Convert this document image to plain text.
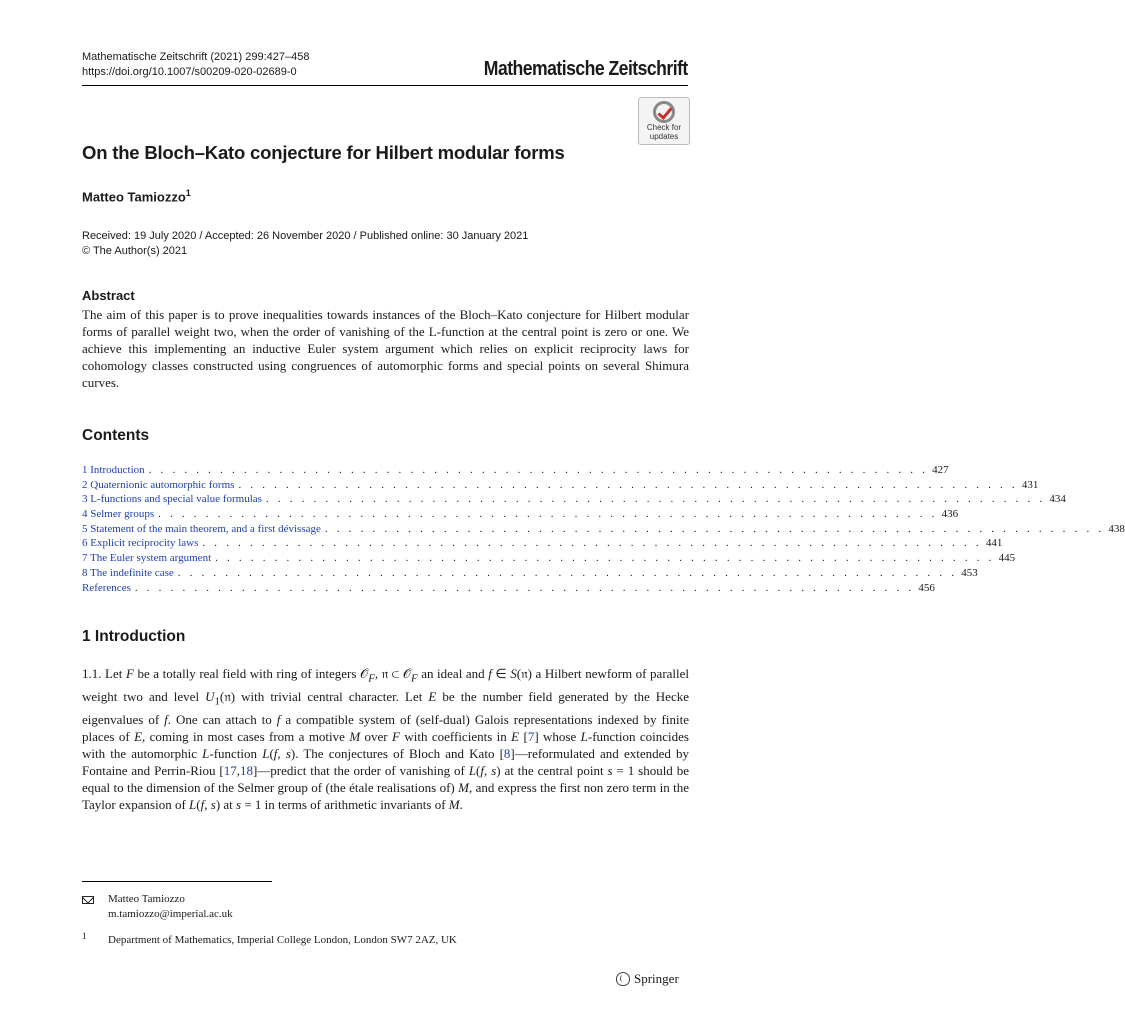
Mathematische Zeitschrift (2021) 299:427–458
https://doi.org/10.1007/s00209-020-02689-0	Mathematische Zeitschrift
Check for
updates
On the Bloch–Kato conjecture for Hilbert modular forms
Matteo Tamiozzo$^1$
Received: 19 July 2020 / Accepted: 26 November 2020 / Published online: 30 January 2021
© The Author(s) 2021
Abstract
The aim of this paper is to prove inequalities towards instances of the Bloch–Kato conjecture for Hilbert modular forms of parallel weight two, when the order of vanishing of the L-function at the central point is zero or one. We achieve this implementing an inductive Euler system argument which relies on explicit reciprocity laws for cohomology classes constructed using congruences of automorphic forms and special points on several Shimura curves.
Contents
1 Introduction . . . . . . . . . . . . . . . . . . . . . . . . . . . . . . . . . . . . . . . . . . . . . . . . . . . . . . . . . . . . . . . . . . 427
2 Quaternionic automorphic forms . . . . . . . . . . . . . . . . . . . . . . . . . . . . . . . . . . . . . . . . . . . . . . . . . . . . . . . . . . . . . . . . . . 431
3 L-functions and special value formulas . . . . . . . . . . . . . . . . . . . . . . . . . . . . . . . . . . . . . . . . . . . . . . . . . . . . . . . . . . . . . . . . . . 434
4 Selmer groups . . . . . . . . . . . . . . . . . . . . . . . . . . . . . . . . . . . . . . . . . . . . . . . . . . . . . . . . . . . . . . . . . . 436
5 Statement of the main theorem, and a first dévissage . . . . . . . . . . . . . . . . . . . . . . . . . . . . . . . . . . . . . . . . . . . . . . . . . . . . . . . . . . . . . . . . . . 438
6 Explicit reciprocity laws . . . . . . . . . . . . . . . . . . . . . . . . . . . . . . . . . . . . . . . . . . . . . . . . . . . . . . . . . . . . . . . . . . 441
7 The Euler system argument . . . . . . . . . . . . . . . . . . . . . . . . . . . . . . . . . . . . . . . . . . . . . . . . . . . . . . . . . . . . . . . . . . 445
8 The indefinite case . . . . . . . . . . . . . . . . . . . . . . . . . . . . . . . . . . . . . . . . . . . . . . . . . . . . . . . . . . . . . . . . . . 453
References . . . . . . . . . . . . . . . . . . . . . . . . . . . . . . . . . . . . . . . . . . . . . . . . . . . . . . . . . . . . . . . . . . 456
1 Introduction
1.1. Let F be a totally real field with ring of integers 𝒪$_F$, 𝔫 ⊂ 𝒪$_F$ an ideal and f ∈ S(𝔫) a Hilbert newform of parallel weight two and level $U_1(𝔫)$ with trivial central character. Let E be the number field generated by the Hecke eigenvalues of f. One can attach to f a compatible system of (self-dual) Galois representations indexed by finite places of E, coming in most cases from a motive M over F with coefficients in E [7] whose L-function coincides with the automorphic L-function L(f, s). The conjectures of Bloch and Kato [8]—reformulated and extended by Fontaine and Perrin-Riou [17,18]—predict that the order of vanishing of L(f, s) at the central point s = 1 should be equal to the dimension of the Selmer group of (the étale realisations of) M, and express the first non zero term in the Taylor expansion of L(f, s) at s = 1 in terms of arithmetic invariants of M.
Matteo Tamiozzo
m.tamiozzo@imperial.ac.uk
1 Department of Mathematics, Imperial College London, London SW7 2AZ, UK
Springer
